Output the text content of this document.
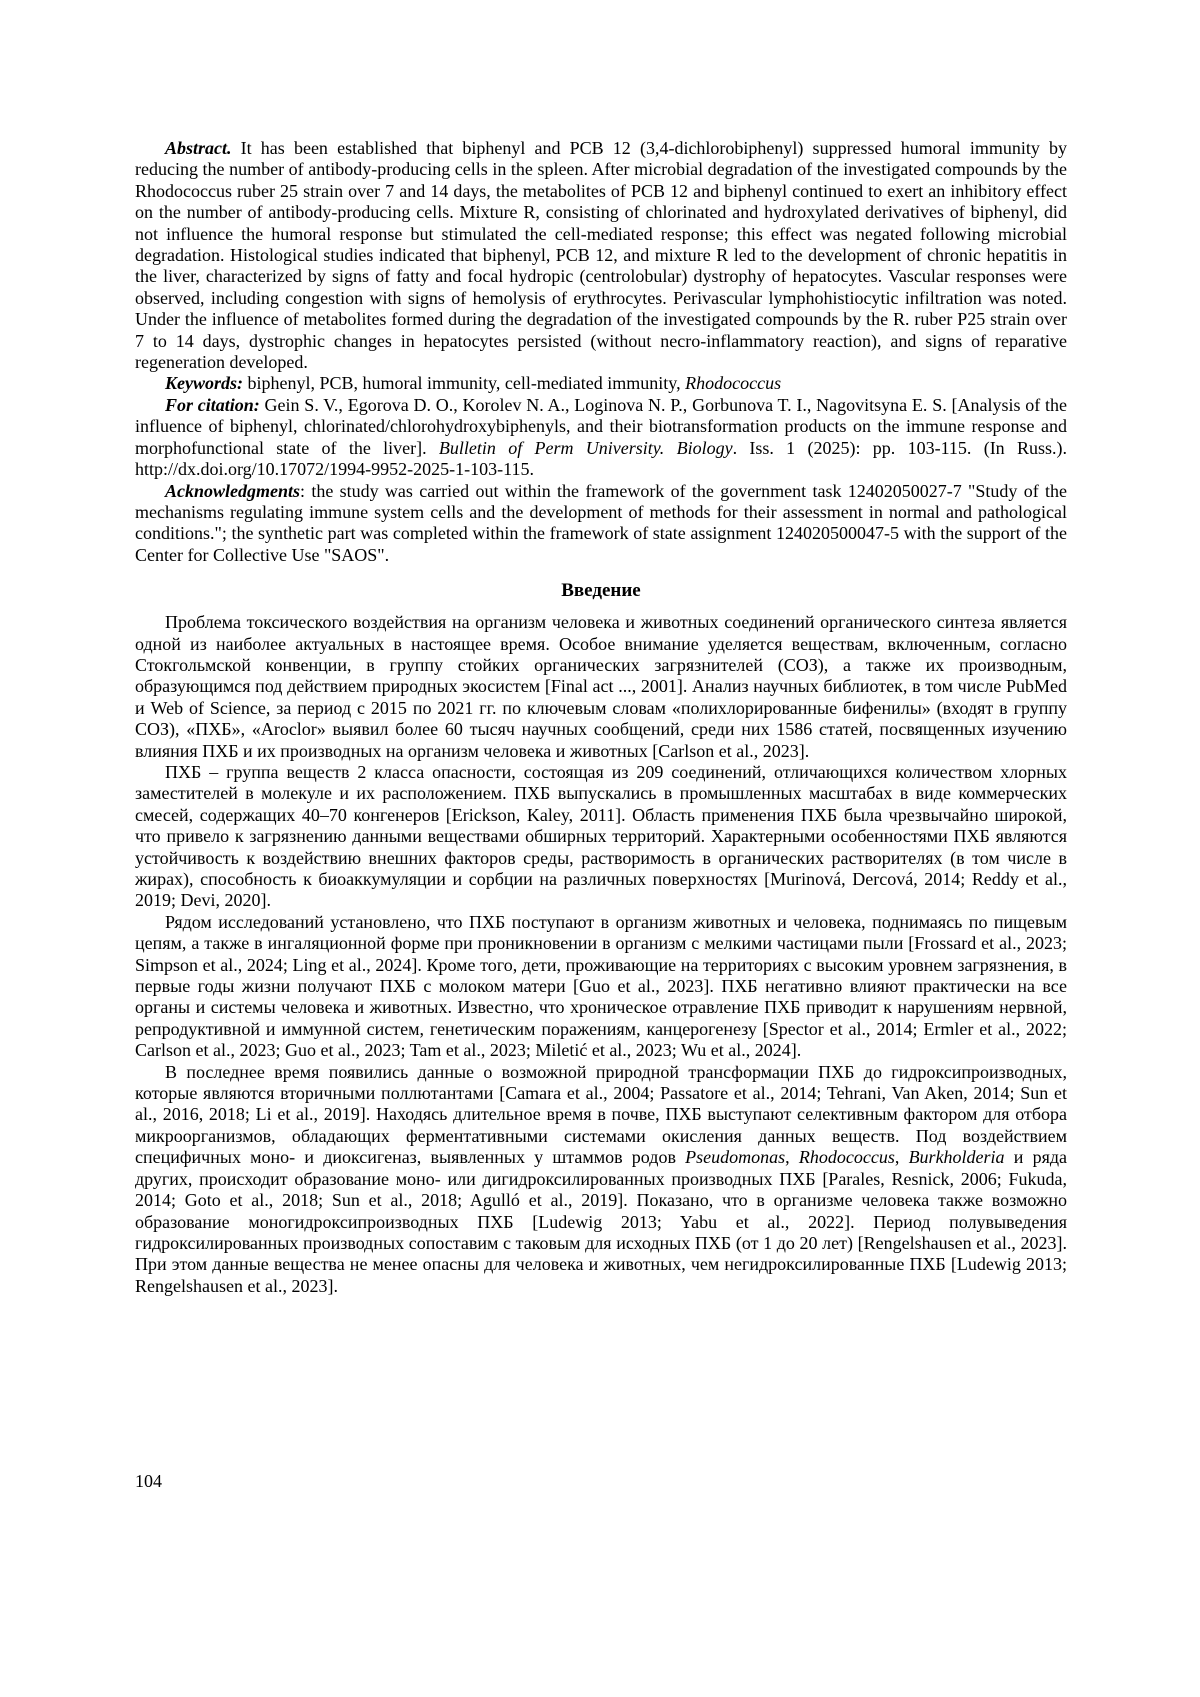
Abstract. It has been established that biphenyl and PCB 12 (3,4-dichlorobiphenyl) suppressed humoral immunity by reducing the number of antibody-producing cells in the spleen. After microbial degradation of the investigated compounds by the Rhodococcus ruber 25 strain over 7 and 14 days, the metabolites of PCB 12 and biphenyl continued to exert an inhibitory effect on the number of antibody-producing cells. Mixture R, consisting of chlorinated and hydroxylated derivatives of biphenyl, did not influence the humoral response but stimulated the cell-mediated response; this effect was negated following microbial degradation. Histological studies indicated that biphenyl, PCB 12, and mixture R led to the development of chronic hepatitis in the liver, characterized by signs of fatty and focal hydropic (centrolobular) dystrophy of hepatocytes. Vascular responses were observed, including congestion with signs of hemolysis of erythrocytes. Perivascular lymphohistiocytic infiltration was noted. Under the influence of metabolites formed during the degradation of the investigated compounds by the R. ruber P25 strain over 7 to 14 days, dystrophic changes in hepatocytes persisted (without necro-inflammatory reaction), and signs of reparative regeneration developed.

Keywords: biphenyl, PCB, humoral immunity, cell-mediated immunity, Rhodococcus

For citation: Gein S. V., Egorova D. O., Korolev N. A., Loginova N. P., Gorbunova T. I., Nagovitsyna E. S. [Analysis of the influence of biphenyl, chlorinated/chlorohydroxybiphenyls, and their biotransformation products on the immune response and morphofunctional state of the liver]. Bulletin of Perm University. Biology. Iss. 1 (2025): pp. 103-115. (In Russ.). http://dx.doi.org/10.17072/1994-9952-2025-1-103-115.

Acknowledgments: the study was carried out within the framework of the government task 12402050027-7 "Study of the mechanisms regulating immune system cells and the development of methods for their assessment in normal and pathological conditions."; the synthetic part was completed within the framework of state assignment 124020500047-5 with the support of the Center for Collective Use "SAOS".

Введение

Проблема токсического воздействия на организм человека и животных соединений органического синтеза является одной из наиболее актуальных в настоящее время. Особое внимание уделяется веществам, включенным, согласно Стокгольмской конвенции, в группу стойких органических загрязнителей (СОЗ), а также их производным, образующимся под действием природных экосистем [Final act ..., 2001]. Анализ научных библиотек, в том числе PubMed и Web of Science, за период с 2015 по 2021 гг. по ключевым словам «полихлорированные бифенилы» (входят в группу СОЗ), «ПХБ», «Aroclor» выявил более 60 тысяч научных сообщений, среди них 1586 статей, посвященных изучению влияния ПХБ и их производных на организм человека и животных [Carlson et al., 2023].

ПХБ – группа веществ 2 класса опасности, состоящая из 209 соединений, отличающихся количеством хлорных заместителей в молекуле и их расположением. ПХБ выпускались в промышленных масштабах в виде коммерческих смесей, содержащих 40–70 конгенеров [Erickson, Kaley, 2011]. Область применения ПХБ была чрезвычайно широкой, что привело к загрязнению данными веществами обширных территорий. Характерными особенностями ПХБ являются устойчивость к воздействию внешних факторов среды, растворимость в органических растворителях (в том числе в жирах), способность к биоаккумуляции и сорбции на различных поверхностях [Murinová, Dercová, 2014; Reddy et al., 2019; Devi, 2020].

Рядом исследований установлено, что ПХБ поступают в организм животных и человека, поднимаясь по пищевым цепям, а также в ингаляционной форме при проникновении в организм с мелкими частицами пыли [Frossard et al., 2023; Simpson et al., 2024; Ling et al., 2024]. Кроме того, дети, проживающие на территориях с высоким уровнем загрязнения, в первые годы жизни получают ПХБ с молоком матери [Guo et al., 2023]. ПХБ негативно влияют практически на все органы и системы человека и животных. Известно, что хроническое отравление ПХБ приводит к нарушениям нервной, репродуктивной и иммунной систем, генетическим поражениям, канцерогенезу [Spector et al., 2014; Ermler et al., 2022; Carlson et al., 2023; Guo et al., 2023; Tam et al., 2023; Miletić et al., 2023; Wu et al., 2024].

В последнее время появились данные о возможной природной трансформации ПХБ до гидроксипроизводных, которые являются вторичными поллютантами [Camara et al., 2004; Passatore et al., 2014; Tehrani, Van Aken, 2014; Sun et al., 2016, 2018; Li et al., 2019]. Находясь длительное время в почве, ПХБ выступают селективным фактором для отбора микроорганизмов, обладающих ферментативными системами окисления данных веществ. Под воздействием специфичных моно- и диоксигеназ, выявленных у штаммов родов Pseudomonas, Rhodococcus, Burkholderia и ряда других, происходит образование моно- или дигидроксилированных производных ПХБ [Parales, Resnick, 2006; Fukuda, 2014; Goto et al., 2018; Sun et al., 2018; Agulló et al., 2019]. Показано, что в организме человека также возможно образование моногидроксипроизводных ПХБ [Ludewig 2013; Yabu et al., 2022]. Период полувыведения гидроксилированных производных сопоставим с таковым для исходных ПХБ (от 1 до 20 лет) [Rengelshausen et al., 2023]. При этом данные вещества не менее опасны для человека и животных, чем негидроксилированные ПХБ [Ludewig 2013; Rengelshausen et al., 2023].

104
